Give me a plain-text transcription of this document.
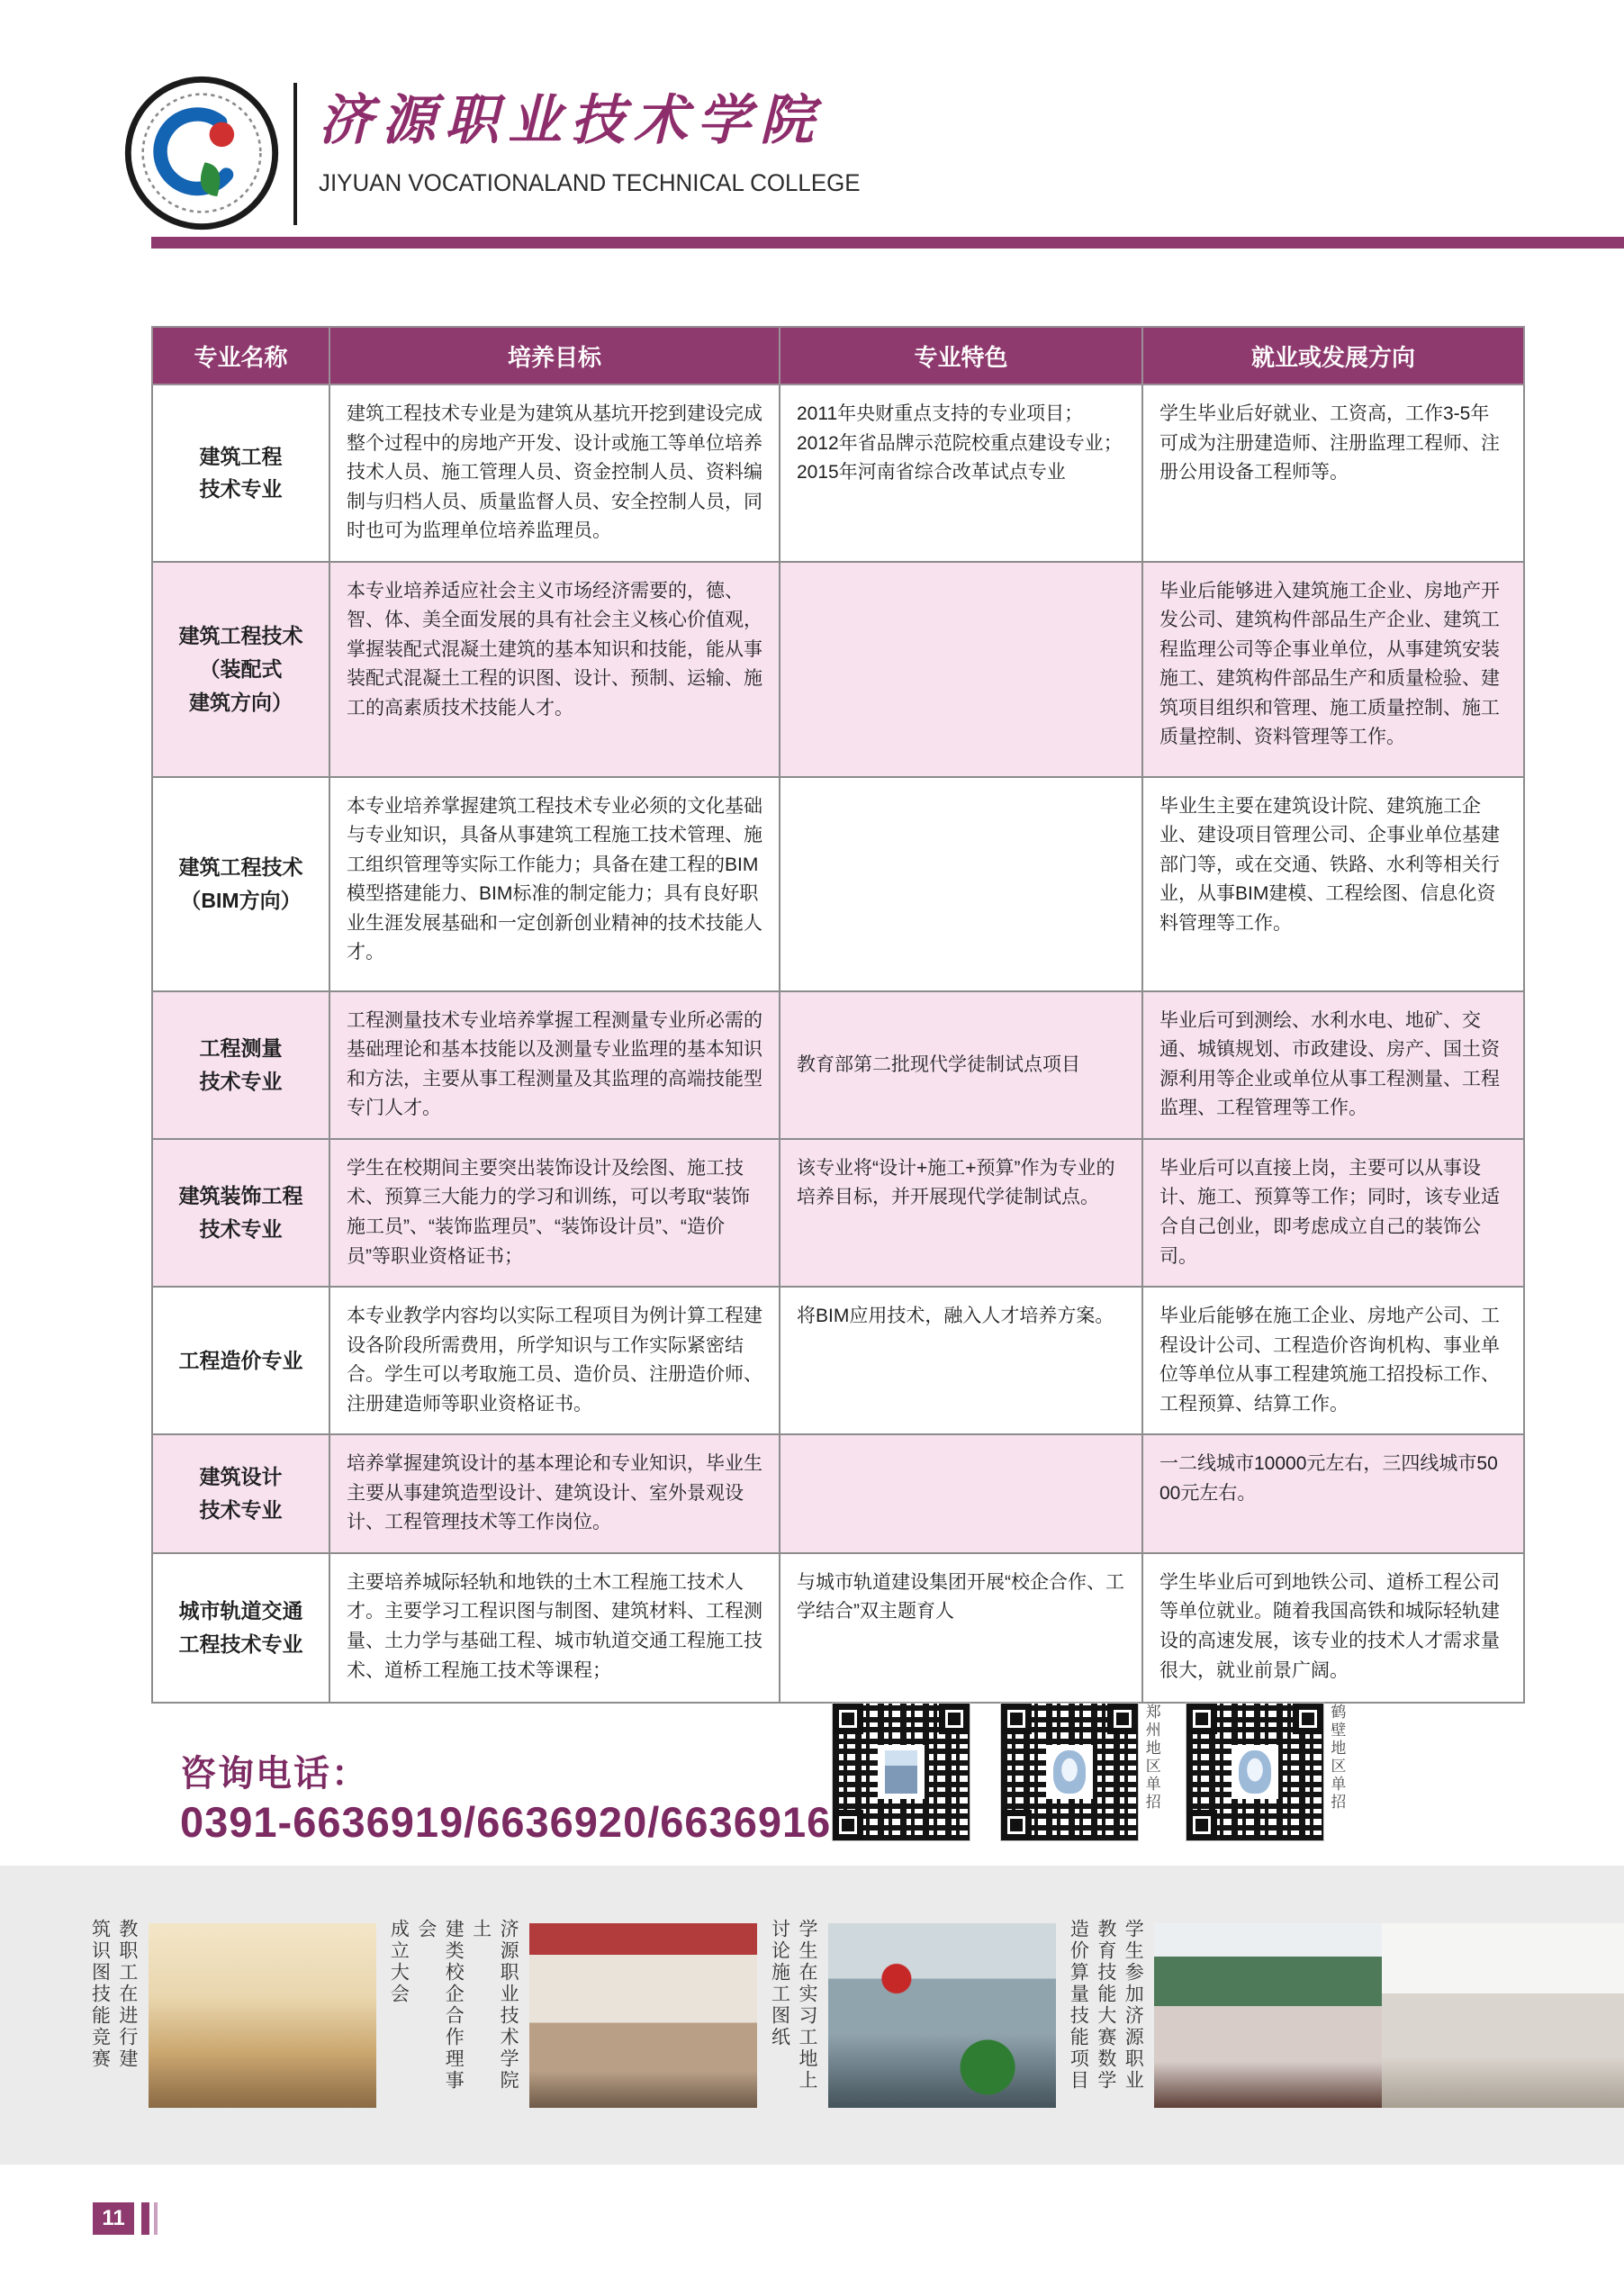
济源职业技术学院
JIYUAN VOCATIONALAND TECHNICAL COLLEGE
专业名称	培养目标	专业特色	就业或发展方向
建筑工程
技术专业	建筑工程技术专业是为建筑从基坑开挖到建设完成整个过程中的房地产开发、设计或施工等单位培养技术人员、施工管理人员、资金控制人员、资料编制与归档人员、质量监督人员、安全控制人员，同时也可为监理单位培养监理员。	2011年央财重点支持的专业项目；
2012年省品牌示范院校重点建设专业；
2015年河南省综合改革试点专业	学生毕业后好就业、工资高，工作3-5年可成为注册建造师、注册监理工程师、注册公用设备工程师等。
建筑工程技术
（装配式
建筑方向）	本专业培养适应社会主义市场经济需要的，德、智、体、美全面发展的具有社会主义核心价值观，掌握装配式混凝土建筑的基本知识和技能，能从事装配式混凝土工程的识图、设计、预制、运输、施工的高素质技术技能人才。		毕业后能够进入建筑施工企业、房地产开发公司、建筑构件部品生产企业、建筑工程监理公司等企事业单位，从事建筑安装施工、建筑构件部品生产和质量检验、建筑项目组织和管理、施工质量控制、施工质量控制、资料管理等工作。
建筑工程技术
（BIM方向）	本专业培养掌握建筑工程技术专业必须的文化基础与专业知识，具备从事建筑工程施工技术管理、施工组织管理等实际工作能力；具备在建工程的BIM模型搭建能力、BIM标准的制定能力；具有良好职业生涯发展基础和一定创新创业精神的技术技能人才。		毕业生主要在建筑设计院、建筑施工企业、建设项目管理公司、企事业单位基建部门等，或在交通、铁路、水利等相关行业，从事BIM建模、工程绘图、信息化资料管理等工作。
工程测量
技术专业	工程测量技术专业培养掌握工程测量专业所必需的基础理论和基本技能以及测量专业监理的基本知识和方法，主要从事工程测量及其监理的高端技能型专门人才。	教育部第二批现代学徒制试点项目	毕业后可到测绘、水利水电、地矿、交通、城镇规划、市政建设、房产、国土资源利用等企业或单位从事工程测量、工程监理、工程管理等工作。
建筑装饰工程
技术专业	学生在校期间主要突出装饰设计及绘图、施工技术、预算三大能力的学习和训练，可以考取“装饰施工员”、“装饰监理员”、“装饰设计员”、“造价员”等职业资格证书；	该专业将“设计+施工+预算”作为专业的培养目标，并开展现代学徒制试点。	毕业后可以直接上岗，主要可以从事设计、施工、预算等工作；同时，该专业适合自己创业，即考虑成立自己的装饰公司。
工程造价专业	本专业教学内容均以实际工程项目为例计算工程建设各阶段所需费用，所学知识与工作实际紧密结合。学生可以考取施工员、造价员、注册造价师、注册建造师等职业资格证书。	将BIM应用技术，融入人才培养方案。	毕业后能够在施工企业、房地产公司、工程设计公司、工程造价咨询机构、事业单位等单位从事工程建筑施工招投标工作、工程预算、结算工作。
建筑设计
技术专业	培养掌握建筑设计的基本理论和专业知识，毕业生主要从事建筑造型设计、建筑设计、室外景观设计、工程管理技术等工作岗位。		一二线城市10000元左右，三四线城市5000元左右。
城市轨道交通
工程技术专业	主要培养城际轻轨和地铁的土木工程施工技术人才。主要学习工程识图与制图、建筑材料、工程测量、土力学与基础工程、城市轨道交通工程施工技术、道桥工程施工技术等课程；	与城市轨道建设集团开展“校企合作、工学结合”双主题育人	学生毕业后可到地铁公司、道桥工程公司等单位就业。随着我国高铁和城际轻轨建设的高速发展，该专业的技术人才需求量很大，就业前景广阔。
咨询电话：
0391-6636919/6636920/6636916
郑州地区单招	鹤壁地区单招
教职工在进行建
筑识图技能竞赛	济源职业技术学院土
建类校企合作理事会
成立大会	学生在实习工地上
讨论施工图纸	学生参加济源职业
教育技能大赛数学
造价算量技能项目
11
